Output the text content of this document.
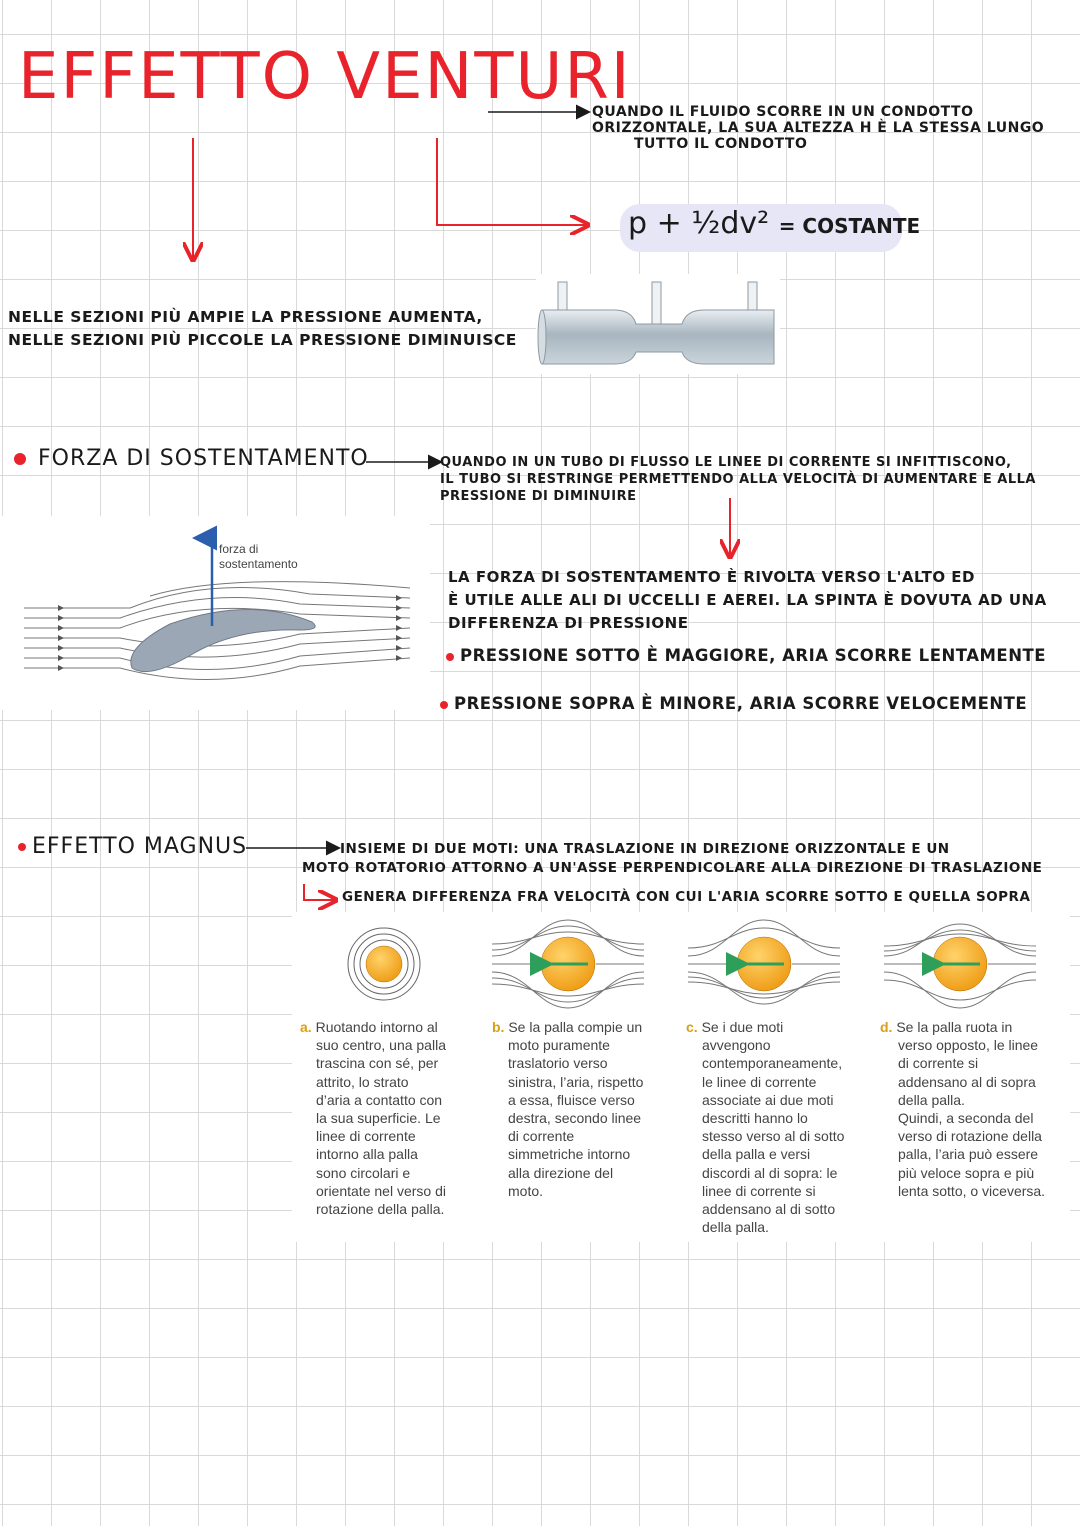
EFFETTO VENTURI
QUANDO IL FLUIDO SCORRE IN UN CONDOTTO
ORIZZONTALE, LA SUA ALTEZZA H È LA STESSA LUNGO
TUTTO IL CONDOTTO
p + ½dv² = COSTANTE
NELLE SEZIONI PIÙ AMPIE LA PRESSIONE AUMENTA,
NELLE SEZIONI PIÙ PICCOLE LA PRESSIONE DIMINUISCE
FORZA DI SOSTENTAMENTO	QUANDO IN UN TUBO DI FLUSSO LE LINEE DI CORRENTE SI INFITTISCONO,
IL TUBO SI RESTRINGE PERMETTENDO ALLA VELOCITÀ DI AUMENTARE E ALLA
PRESSIONE DI DIMINUIRE
forza di
sostentamento
LA FORZA DI SOSTENTAMENTO È RIVOLTA VERSO L'ALTO ED
È UTILE ALLE ALI DI UCCELLI E AEREI. LA SPINTA È DOVUTA AD UNA
DIFFERENZA DI PRESSIONE
PRESSIONE SOTTO È MAGGIORE, ARIA SCORRE LENTAMENTE
PRESSIONE SOPRA È MINORE, ARIA SCORRE VELOCEMENTE
EFFETTO MAGNUS	INSIEME DI DUE MOTI: UNA TRASLAZIONE IN DIREZIONE ORIZZONTALE E UN
MOTO ROTATORIO ATTORNO A UN'ASSE PERPENDICOLARE ALLA DIREZIONE DI TRASLAZIONE
GENERA DIFFERENZA FRA VELOCITÀ CON CUI L'ARIA SCORRE SOTTO E QUELLA SOPRA
a. Ruotando intorno al
suo centro, una palla
trascina con sé, per
attrito, lo strato
d’aria a contatto con
la sua superficie. Le
linee di corrente
intorno alla palla
sono circolari e
orientate nel verso di
rotazione della palla.
b. Se la palla compie un
moto puramente
traslatorio verso
sinistra, l’aria, rispetto
a essa, fluisce verso
destra, secondo linee
di corrente
simmetriche intorno
alla direzione del
moto.
c. Se i due moti
avvengono
contemporaneamente,
le linee di corrente
associate ai due moti
descritti hanno lo
stesso verso al di sotto
della palla e versi
discordi al di sopra: le
linee di corrente si
addensano al di sotto
della palla.
d. Se la palla ruota in
verso opposto, le linee
di corrente si
addensano al di sopra
della palla.
Quindi, a seconda del
verso di rotazione della
palla, l’aria può essere
più veloce sopra e più
lenta sotto, o viceversa.
